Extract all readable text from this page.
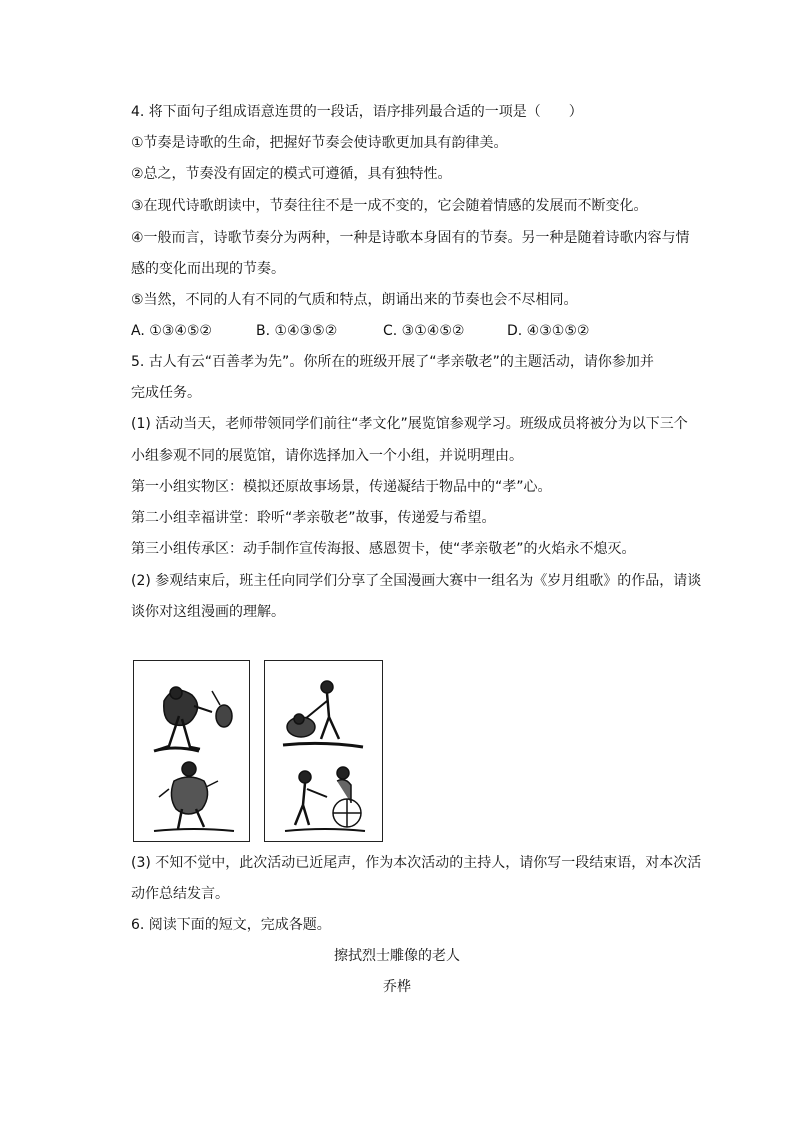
4. 将下面句子组成语意连贯的一段话，语序排列最合适的一项是（　　）
①节奏是诗歌的生命，把握好节奏会使诗歌更加具有韵律美。
②总之，节奏没有固定的模式可遵循，具有独特性。
③在现代诗歌朗读中，节奏往往不是一成不变的，它会随着情感的发展而不断变化。
④一般而言，诗歌节奏分为两种，一种是诗歌本身固有的节奏。另一种是随着诗歌内容与情
感的变化而出现的节奏。
⑤当然，不同的人有不同的气质和特点，朗诵出来的节奏也会不尽相同。
A. ①③④⑤②	B. ①④③⑤②	C. ③①④⑤②	D. ④③①⑤②
5. 古人有云“百善孝为先”。你所在的班级开展了“孝亲敬老”的主题活动，请你参加并
完成任务。
(1) 活动当天，老师带领同学们前往“孝文化”展览馆参观学习。班级成员将被分为以下三个
小组参观不同的展览馆，请你选择加入一个小组，并说明理由。
第一小组实物区：模拟还原故事场景，传递凝结于物品中的“孝”心。
第二小组幸福讲堂：聆听“孝亲敬老”故事，传递爱与希望。
第三小组传承区：动手制作宣传海报、感恩贺卡，使“孝亲敬老”的火焰永不熄灭。
(2) 参观结束后，班主任向同学们分享了全国漫画大赛中一组名为《岁月组歌》的作品，请谈
谈你对这组漫画的理解。
(3) 不知不觉中，此次活动已近尾声，作为本次活动的主持人，请你写一段结束语，对本次活
动作总结发言。
6. 阅读下面的短文，完成各题。
擦拭烈士雕像的老人
乔桦
